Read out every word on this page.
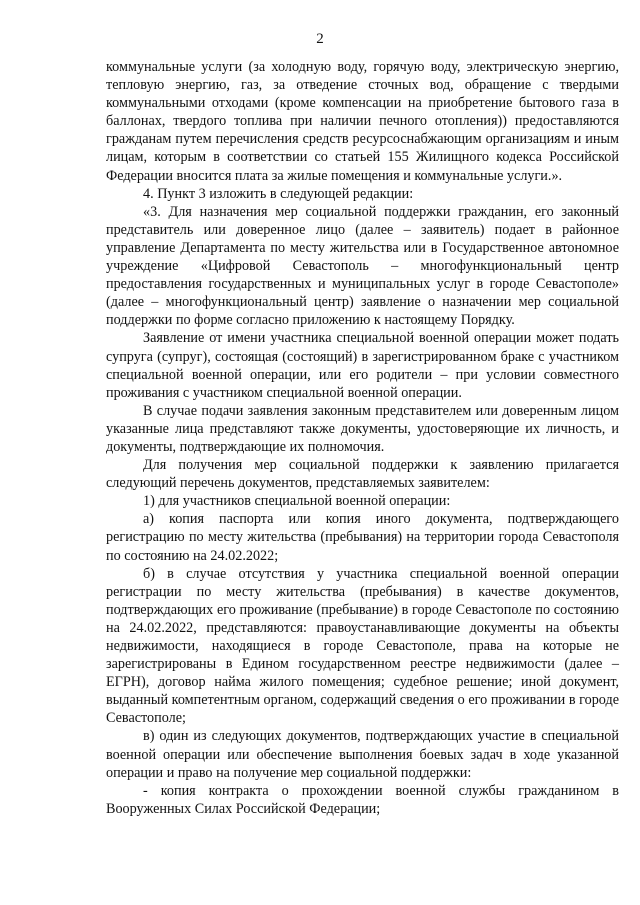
2

коммунальные услуги (за холодную воду, горячую воду, электрическую энергию, тепловую энергию, газ, за отведение сточных вод, обращение с твердыми коммунальными отходами (кроме компенсации на приобретение бытового газа в баллонах, твердого топлива при наличии печного отопления)) предоставляются гражданам путем перечисления средств ресурсоснабжающим организациям и иным лицам, которым в соответствии со статьей 155 Жилищного кодекса Российской Федерации вносится плата за жилые помещения и коммунальные услуги.».

4. Пункт 3 изложить в следующей редакции:

«3. Для назначения мер социальной поддержки гражданин, его законный представитель или доверенное лицо (далее – заявитель) подает в районное управление Департамента по месту жительства или в Государственное автономное учреждение «Цифровой Севастополь – многофункциональный центр предоставления государственных и муниципальных услуг в городе Севастополе» (далее – многофункциональный центр) заявление о назначении мер социальной поддержки по форме согласно приложению к настоящему Порядку.

Заявление от имени участника специальной военной операции может подать супруга (супруг), состоящая (состоящий) в зарегистрированном браке с участником специальной военной операции, или его родители – при условии совместного проживания с участником специальной военной операции.

В случае подачи заявления законным представителем или доверенным лицом указанные лица представляют также документы, удостоверяющие их личность, и документы, подтверждающие их полномочия.

Для получения мер социальной поддержки к заявлению прилагается следующий перечень документов, представляемых заявителем:

1) для участников специальной военной операции:

а) копия паспорта или копия иного документа, подтверждающего регистрацию по месту жительства (пребывания) на территории города Севастополя по состоянию на 24.02.2022;

б) в случае отсутствия у участника специальной военной операции регистрации по месту жительства (пребывания) в качестве документов, подтверждающих его проживание (пребывание) в городе Севастополе по состоянию на 24.02.2022, представляются: правоустанавливающие документы на объекты недвижимости, находящиеся в городе Севастополе, права на которые не зарегистрированы в Едином государственном реестре недвижимости (далее – ЕГРН), договор найма жилого помещения; судебное решение; иной документ, выданный компетентным органом, содержащий сведения о его проживании в городе Севастополе;

в) один из следующих документов, подтверждающих участие в специальной военной операции или обеспечение выполнения боевых задач в ходе указанной операции и право на получение мер социальной поддержки:

- копия контракта о прохождении военной службы гражданином в Вооруженных Силах Российской Федерации;
